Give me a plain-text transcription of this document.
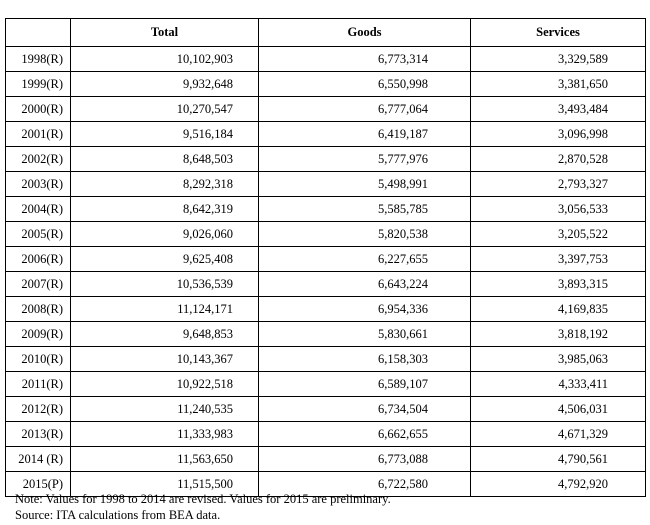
	Total	Goods	Services
1998(R)	10,102,903	6,773,314	3,329,589
1999(R)	9,932,648	6,550,998	3,381,650
2000(R)	10,270,547	6,777,064	3,493,484
2001(R)	9,516,184	6,419,187	3,096,998
2002(R)	8,648,503	5,777,976	2,870,528
2003(R)	8,292,318	5,498,991	2,793,327
2004(R)	8,642,319	5,585,785	3,056,533
2005(R)	9,026,060	5,820,538	3,205,522
2006(R)	9,625,408	6,227,655	3,397,753
2007(R)	10,536,539	6,643,224	3,893,315
2008(R)	11,124,171	6,954,336	4,169,835
2009(R)	9,648,853	5,830,661	3,818,192
2010(R)	10,143,367	6,158,303	3,985,063
2011(R)	10,922,518	6,589,107	4,333,411
2012(R)	11,240,535	6,734,504	4,506,031
2013(R)	11,333,983	6,662,655	4,671,329
2014 (R)	11,563,650	6,773,088	4,790,561
2015(P)	11,515,500	6,722,580	4,792,920
Note: Values for 1998 to 2014 are revised. Values for 2015 are preliminary.
Source: ITA calculations from BEA data.
